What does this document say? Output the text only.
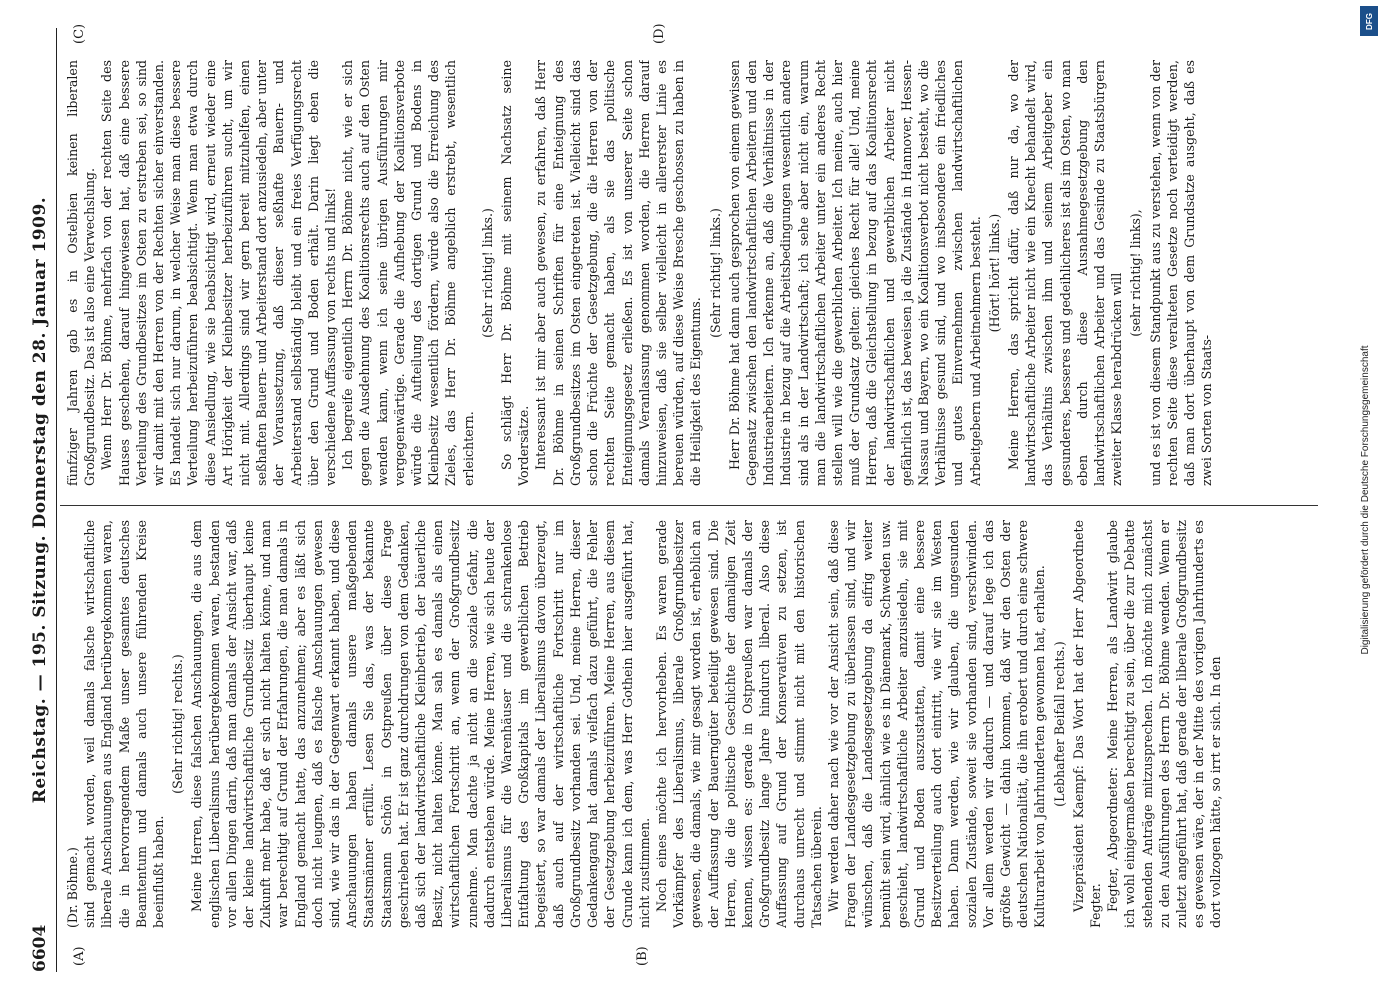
6604
Reichstag. — 195. Sitzung. Donnerstag den 28. Januar 1909.
(A)	(B)
(C)	(D)

(Dr. Böhme.) sind gemacht worden, weil damals falsche wirtschaftliche liberale Anschauungen aus England herübergekommen waren, die in hervorragendem Maße unser gesamtes deutsches Beamtentum und damals auch unsere führenden Kreise beeinflußt haben.

(Sehr richtig! rechts.) Meine Herren, diese falschen Anschauungen, die aus dem englischen Liberalismus herübergekommen waren, bestanden vor allen Dingen darin, daß man damals der Ansicht war, daß der kleine landwirtschaftliche Grundbesitz überhaupt keine Zukunft mehr habe, daß er sich nicht halten könne, und man war berechtigt auf Grund der Erfahrungen, die man damals in England gemacht hatte, das anzunehmen; aber es läßt sich doch nicht leugnen, daß es falsche Anschauungen gewesen sind, wie wir das in der Gegenwart erkannt haben, und diese Anschauungen haben damals unsere maßgebenden Staatsmänner erfüllt. Lesen Sie das, was der bekannte Staatsmann Schön in Ostpreußen über diese Frage geschrieben hat. Er ist ganz durchdrungen von dem Gedanken, daß sich der landwirtschaftliche Kleinbetrieb, der bäuerliche Besitz, nicht halten könne. Man sah es damals als einen wirtschaftlichen Fortschritt an, wenn der Großgrundbesitz zunehme. Man dachte ja nicht an die soziale Gefahr, die dadurch entstehen würde. Meine Herren, wie sich heute der Liberalismus für die Warenhäuser und die schrankenlose Entfaltung des Großkapitals im gewerblichen Betrieb begeistert, so war damals der Liberalismus davon überzeugt, daß auch auf der wirtschaftliche Fortschritt nur im Großgrundbesitz vorhanden sei. Und, meine Herren, dieser Gedankengang hat damals vielfach dazu geführt, die Fehler der Gesetzgebung herbeizuführen. Meine Herren, aus diesem Grunde kann ich dem, was Herr Gothein hier ausgeführt hat, nicht zustimmen. Noch eines möchte ich hervorheben. Es waren gerade Vorkämpfer des Liberalismus, liberale Großgrundbesitzer gewesen, die damals, wie mir gesagt worden ist, erheblich an der Auffassung der Bauerngüter beteiligt gewesen sind. Die Herren, die die politische Geschichte der damaligen Zeit kennen, wissen es: gerade in Ostpreußen war damals der Großgrundbesitz lange Jahre hindurch liberal. Also diese Auffassung auf Grund der Konservativen zu setzen, ist durchaus unrecht und stimmt nicht mit den historischen Tatsachen überein. Wir werden daher nach wie vor der Ansicht sein, daß diese Fragen der Landesgesetzgebung zu überlassen sind, und wir wünschen, daß die Landesgesetzgebung da eifrig weiter bemüht sein wird, ähnlich wie es in Dänemark, Schweden usw. geschieht, landwirtschaftliche Arbeiter anzusiedeln, sie mit Grund und Boden auszustatten, damit eine bessere Besitzverteilung auch dort eintritt, wie wir sie im Westen haben. Dann werden, wie wir glauben, die ungesunden sozialen Zustände, soweit sie vorhanden sind, verschwinden. Vor allem werden wir dadurch — und darauf lege ich das größte Gewicht — dahin kommen, daß wir den Osten der deutschen Nationalität, die ihn erobert und durch eine schwere Kulturarbeit von Jahrhunderten gewonnen hat, erhalten. (Lebhafter Beifall rechts.) Vizepräsident Kaempf: Das Wort hat der Herr Abgeordnete Fegter. Fegter, Abgeordneter: Meine Herren, als Landwirt glaube ich wohl einigermaßen berechtigt zu sein, über die zur Debatte stehenden Anträge mitzusprechen. Ich möchte mich zunächst zu den Ausführungen des Herrn Dr. Böhme wenden. Wenn er zuletzt angeführt hat, daß gerade der liberale Großgrundbesitz es gewesen wäre, der in der Mitte des vorigen Jahrhunderts es dort vollzogen hätte, so irrt er sich. In den

fünfziger Jahren gab es in Ostelbien keinen liberalen Großgrundbesitz. Das ist also eine Verwechslung. Wenn Herr Dr. Böhme, mehrfach von der rechten Seite des Hauses geschehen, darauf hingewiesen hat, daß eine bessere Verteilung des Grundbesitzes im Osten zu erstreben sei, so sind wir damit mit den Herren von der Rechten sicher einverstanden. Es handelt sich nur darum, in welcher Weise man diese bessere Verteilung herbeizuführen beabsichtigt. Wenn man etwa durch diese Ansiedlung, wie sie beabsichtigt wird, erneut wieder eine Art Hörigkeit der Kleinbesitzer herbeizuführen sucht, um wir nicht mit. Allerdings sind wir gern bereit mitzuhelfen, einen seßhaften Bauern- und Arbeiterstand dort anzusiedeln, aber unter der Voraussetzung, daß dieser seßhafte Bauern- und Arbeiterstand selbständig bleibt und ein freies Verfügungsrecht über den Grund und Boden erhält. Darin liegt eben die verschiedene Auffassung von rechts und links! Ich begreife eigentlich Herrn Dr. Böhme nicht, wie er sich gegen die Ausdehnung des Koalitionsrechts auch auf den Osten wenden kann, wenn ich seine übrigen Ausführungen mir vergegenwärtige. Gerade die Aufhebung der Koalitionsverbote würde die Aufteilung des dortigen Grund und Bodens in Kleinbesitz wesentlich fördern, würde also die Erreichung des Zieles, das Herr Dr. Böhme angeblich erstrebt, wesentlich erleichtern.

(Sehr richtig! links.) So schlägt Herr Dr. Böhme mit seinem Nachsatz seine Vordersätze. Interessant ist mir aber auch gewesen, zu erfahren, daß Herr Dr. Böhme in seinen Schriften für eine Enteignung des Großgrundbesitzes im Osten eingetreten ist. Vielleicht sind das schon die Früchte der Gesetzgebung, die die Herren von der rechten Seite gemacht haben, als sie das politische Enteignungsgesetz erließen. Es ist von unserer Seite schon damals Veranlassung genommen worden, die Herren darauf hinzuweisen, daß sie selber vielleicht in allererster Linie es bereuen würden, auf diese Weise Bresche geschossen zu haben in die Heiligkeit des Eigentums.

(Sehr richtig! links.) Herr Dr. Böhme hat dann auch gesprochen von einem gewissen Gegensatz zwischen den landwirtschaftlichen Arbeitern und den Industriearbeitern. Ich erkenne an, daß die Verhältnisse in der Industrie in bezug auf die Arbeitsbedingungen wesentlich andere sind als in der Landwirtschaft; ich sehe aber nicht ein, warum man die landwirtschaftlichen Arbeiter unter ein anderes Recht stellen will wie die gewerblichen Arbeiter. Ich meine, auch hier muß der Grundsatz gelten: gleiches Recht für alle! Und, meine Herren, daß die Gleichstellung in bezug auf das Koalitionsrecht der landwirtschaftlichen und gewerblichen Arbeiter nicht gefährlich ist, das beweisen ja die Zustände in Hannover, Hessen-Nassau und Bayern, wo ein Koalitionsverbot nicht besteht, wo die Verhältnisse gesund sind, und wo insbesondere ein friedliches und gutes Einvernehmen zwischen landwirtschaftlichen Arbeitgebern und Arbeitnehmern besteht. (Hört! hört! links.) Meine Herren, das spricht dafür, daß nur da, wo der landwirtschaftliche Arbeiter nicht wie ein Knecht behandelt wird, das Verhältnis zwischen ihm und seinem Arbeitgeber ein gesunderes, besseres und gedeihlicheres ist als im Osten, wo man eben durch diese Ausnahmegesetzgebung den landwirtschaftlichen Arbeiter und das Gesinde zu Staatsbürgern zweiter Klasse herabdrücken will (sehr richtig! links), und es ist von diesem Standpunkt aus zu verstehen, wenn von der rechten Seite diese veralteten Gesetze noch verteidigt werden, daß man dort überhaupt von dem Grundsatze ausgeht, daß es zwei Sorten von Staats-

DFG
Digitalisierung gefördert durch die Deutsche Forschungsgemeinschaft
